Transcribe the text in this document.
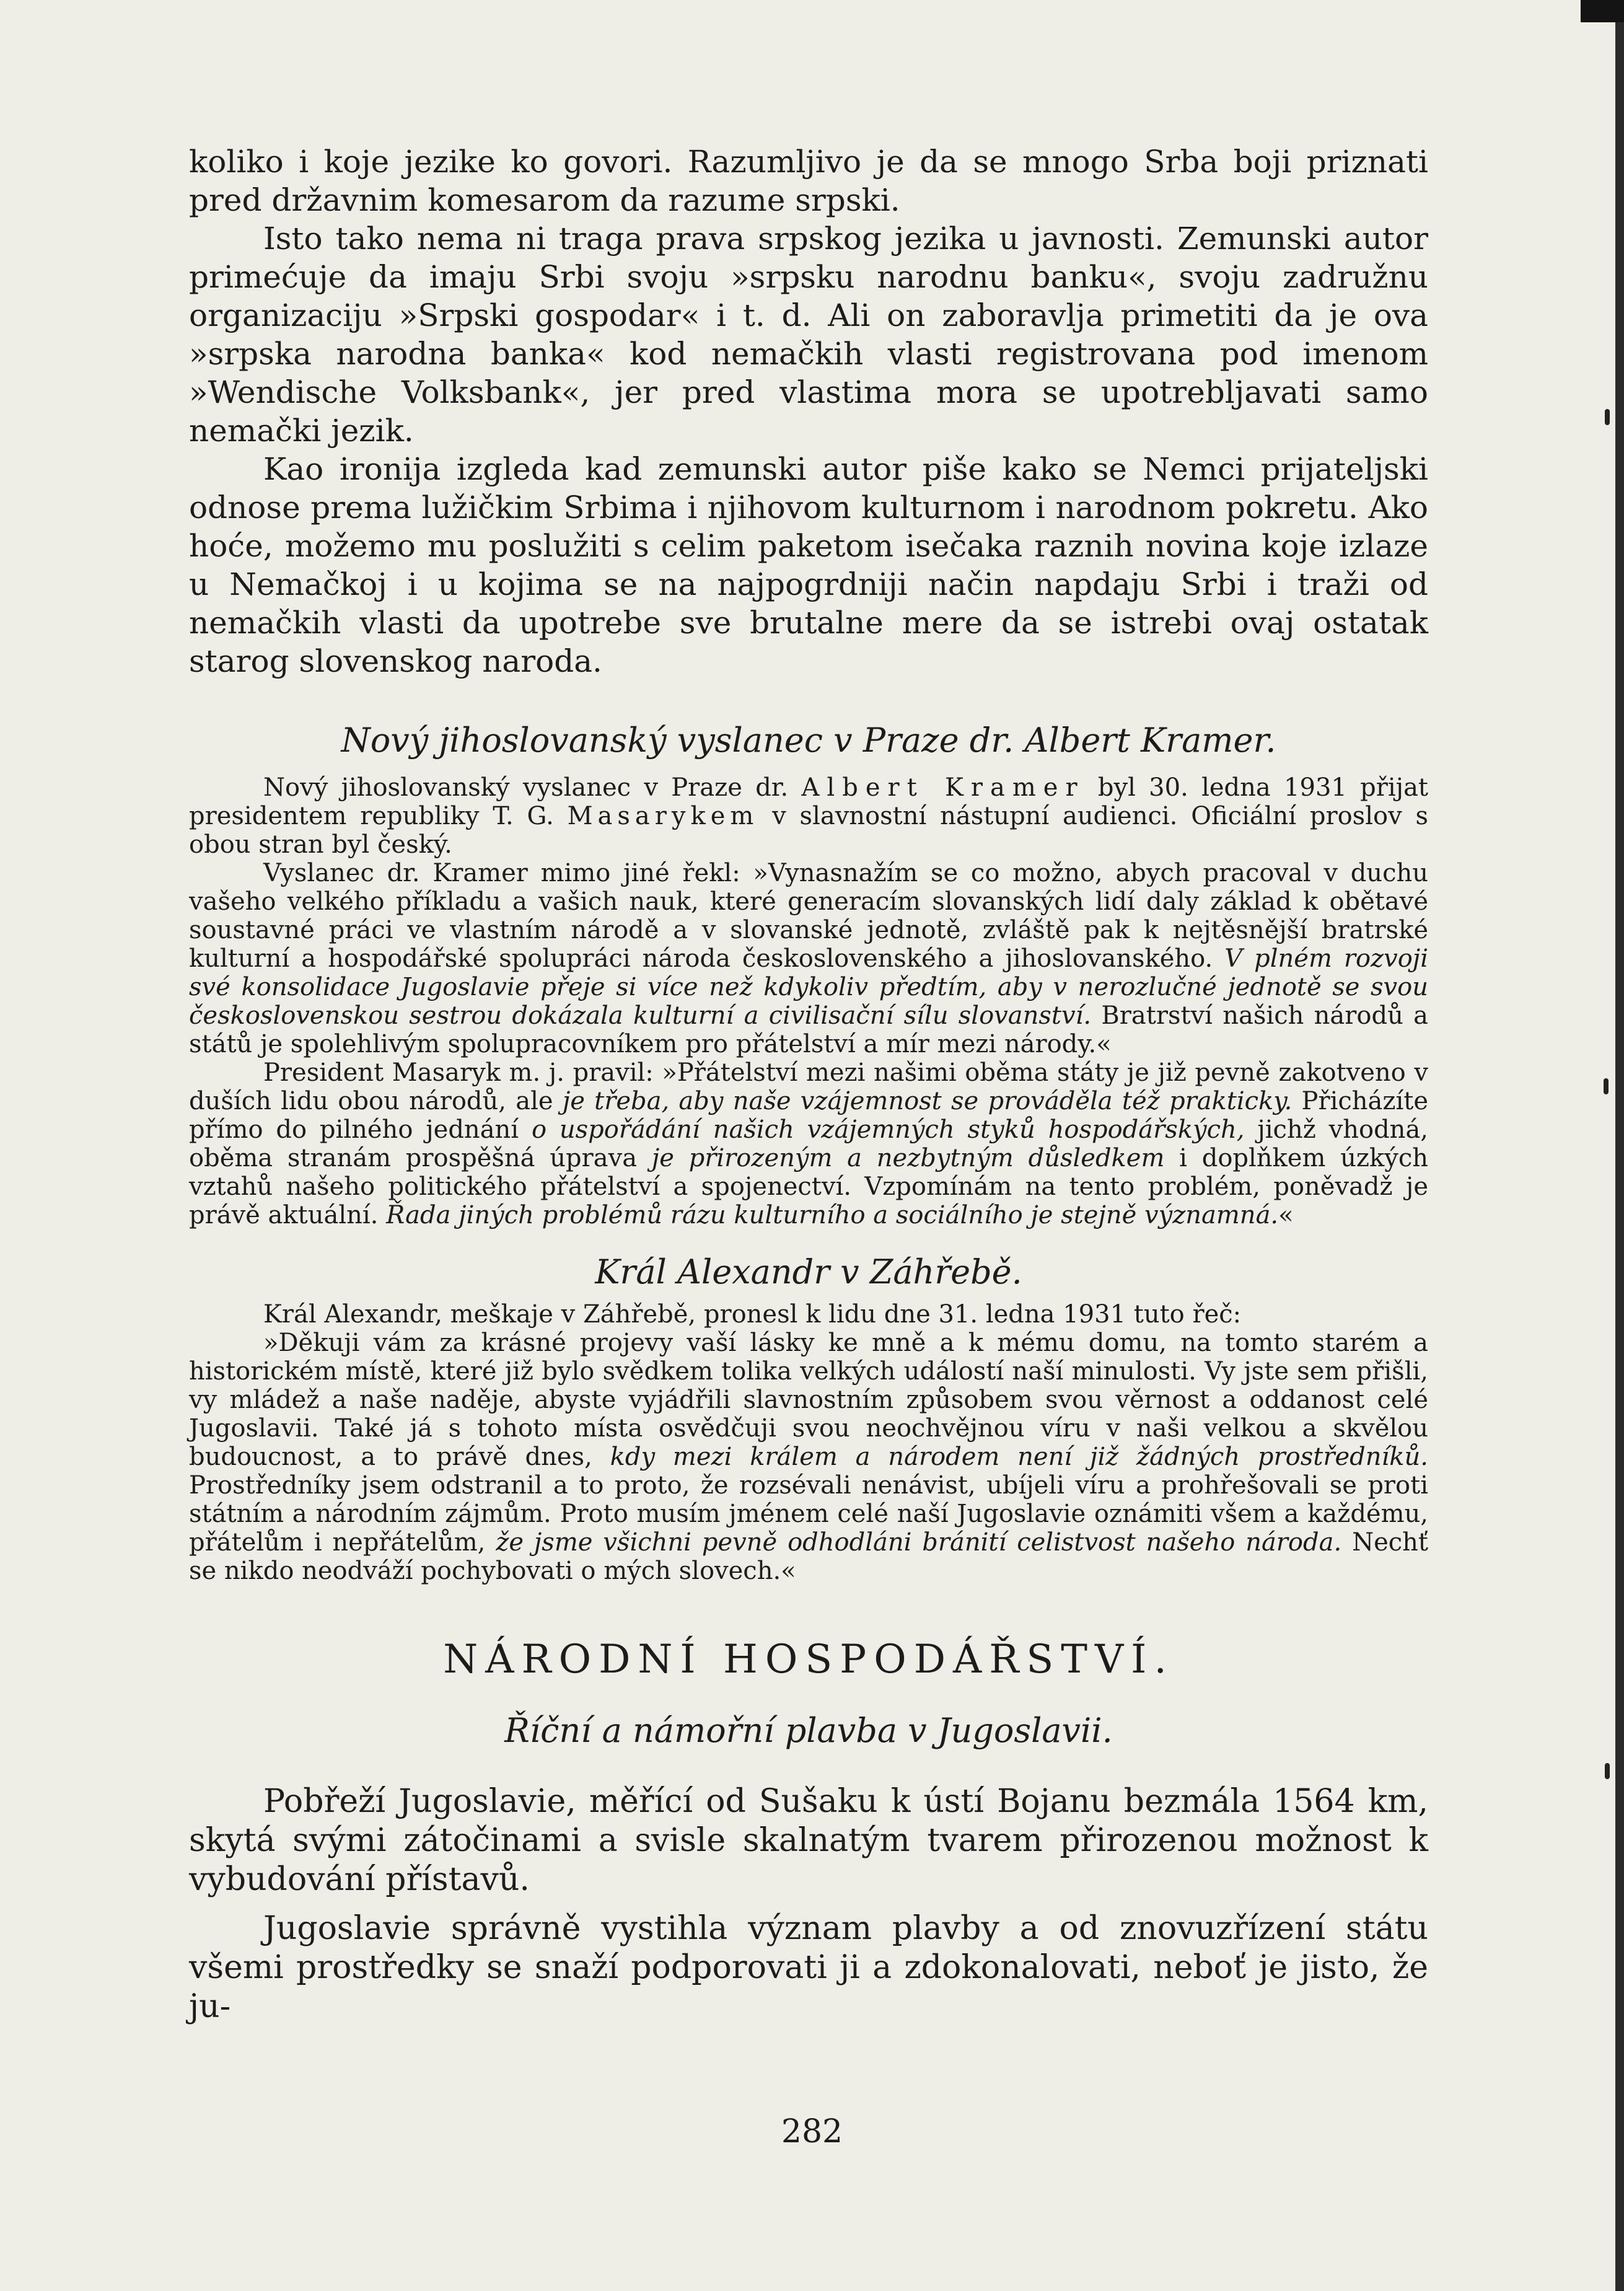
koliko i koje jezike ko govori. Razumljivo je da se mnogo Srba boji priznati pred državnim komesarom da razume srpski.

Isto tako nema ni traga prava srpskog jezika u javnosti. Zemunski autor primećuje da imaju Srbi svoju »srpsku narodnu banku«, svoju zadružnu organizaciju »Srpski gospodar« i t. d. Ali on zaboravlja primetiti da je ova »srpska narodna banka« kod nemačkih vlasti registrovana pod imenom »Wendische Volksbank«, jer pred vlastima mora se upotrebljavati samo nemački jezik.

Kao ironija izgleda kad zemunski autor piše kako se Nemci prijateljski odnose prema lužičkim Srbima i njihovom kulturnom i narodnom pokretu. Ako hoće, možemo mu poslužiti s celim paketom isečaka raznih novina koje izlaze u Nemačkoj i u kojima se na najpogrdniji način napdaju Srbi i traži od nemačkih vlasti da upotrebe sve brutalne mere da se istrebi ovaj ostatak starog slovenskog naroda.

Nový jihoslovanský vyslanec v Praze dr. Albert Kramer.

Nový jihoslovanský vyslanec v Praze dr. Albert Kramer byl 30. ledna 1931 přijat presidentem republiky T. G. Masarykem v slavnostní nástupní audienci. Oficiální proslov s obou stran byl český.

Vyslanec dr. Kramer mimo jiné řekl: »Vynasnažím se co možno, abych pracoval v duchu vašeho velkého příkladu a vašich nauk, které generacím slovanských lidí daly základ k obětavé soustavné práci ve vlastním národě a v slovanské jednotě, zvláště pak k nejtěsnější bratrské kulturní a hospodářské spolupráci národa československého a jihoslovanského. V plném rozvoji své konsolidace Jugoslavie přeje si více než kdykoliv předtím, aby v nerozlučné jednotě se svou československou sestrou dokázala kulturní a civilisační sílu slovanství. Bratrství našich národů a států je spolehlivým spolupracovníkem pro přátelství a mír mezi národy.«

President Masaryk m. j. pravil: »Přátelství mezi našimi oběma státy je již pevně zakotveno v duších lidu obou národů, ale je třeba, aby naše vzájemnost se prováděla též prakticky. Přicházíte přímo do pilného jednání o uspořádání našich vzájemných styků hospodářských, jichž vhodná, oběma stranám prospěšná úprava je přirozeným a nezbytným důsledkem i doplňkem úzkých vztahů našeho politického přátelství a spojenectví. Vzpomínám na tento problém, poněvadž je právě aktuální. Řada jiných problémů rázu kulturního a sociálního je stejně významná.«

Král Alexandr v Záhřebě.

Král Alexandr, meškaje v Záhřebě, pronesl k lidu dne 31. ledna 1931 tuto řeč:

»Děkuji vám za krásné projevy vaší lásky ke mně a k mému domu, na tomto starém a historickém místě, které již bylo svědkem tolika velkých událostí naší minulosti. Vy jste sem přišli, vy mládež a naše naděje, abyste vyjádřili slavnostním způsobem svou věrnost a oddanost celé Jugoslavii. Také já s tohoto místa osvědčuji svou neochvějnou víru v naši velkou a skvělou budoucnost, a to právě dnes, kdy mezi králem a národem není již žádných prostředníků. Prostředníky jsem odstranil a to proto, že rozsévali nenávist, ubíjeli víru a prohřešovali se proti státním a národním zájmům. Proto musím jménem celé naší Jugoslavie oznámiti všem a každému, přátelům i nepřátelům, že jsme všichni pevně odhodláni bránití celistvost našeho národa. Nechť se nikdo neodváží pochybovati o mých slovech.«

NÁRODNÍ HOSPODÁŘSTVÍ.
Říční a námořní plavba v Jugoslavii.

Pobřeží Jugoslavie, měřící od Sušaku k ústí Bojanu bezmála 1564 km, skytá svými zátočinami a svisle skalnatým tvarem přirozenou možnost k vybudování přístavů.

Jugoslavie správně vystihla význam plavby a od znovuzřízení státu všemi prostředky se snaží podporovati ji a zdokonalovati, neboť je jisto, že ju-

282
